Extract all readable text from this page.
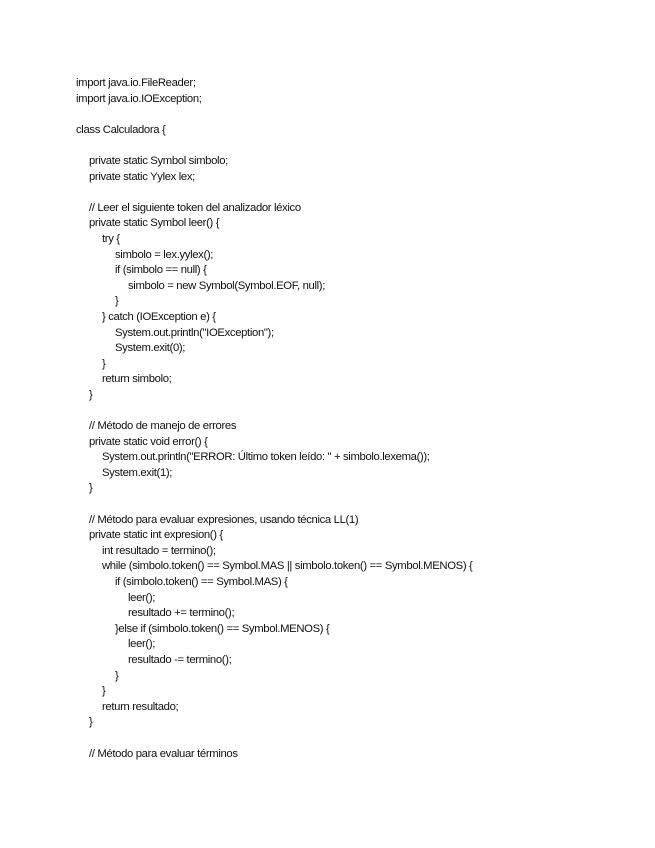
import java.io.FileReader;
import java.io.IOException;
class Calculadora {
private static Symbol simbolo;
private static Yylex lex;
// Leer el siguiente token del analizador léxico
private static Symbol leer() {
try {
simbolo = lex.yylex();
if (simbolo == null) {
simbolo = new Symbol(Symbol.EOF, null);
}
} catch (IOException e) {
System.out.println("IOException");
System.exit(0);
}
return simbolo;
}
// Método de manejo de errores
private static void error() {
System.out.println("ERROR: Último token leído: " + simbolo.lexema());
System.exit(1);
}
// Método para evaluar expresiones, usando técnica LL(1)
private static int expresion() {
int resultado = termino();
while (simbolo.token() == Symbol.MAS || simbolo.token() == Symbol.MENOS) {
if (simbolo.token() == Symbol.MAS) {
leer();
resultado += termino();
}else if (simbolo.token() == Symbol.MENOS) {
leer();
resultado -= termino();
}
}
return resultado;
}
// Método para evaluar términos
